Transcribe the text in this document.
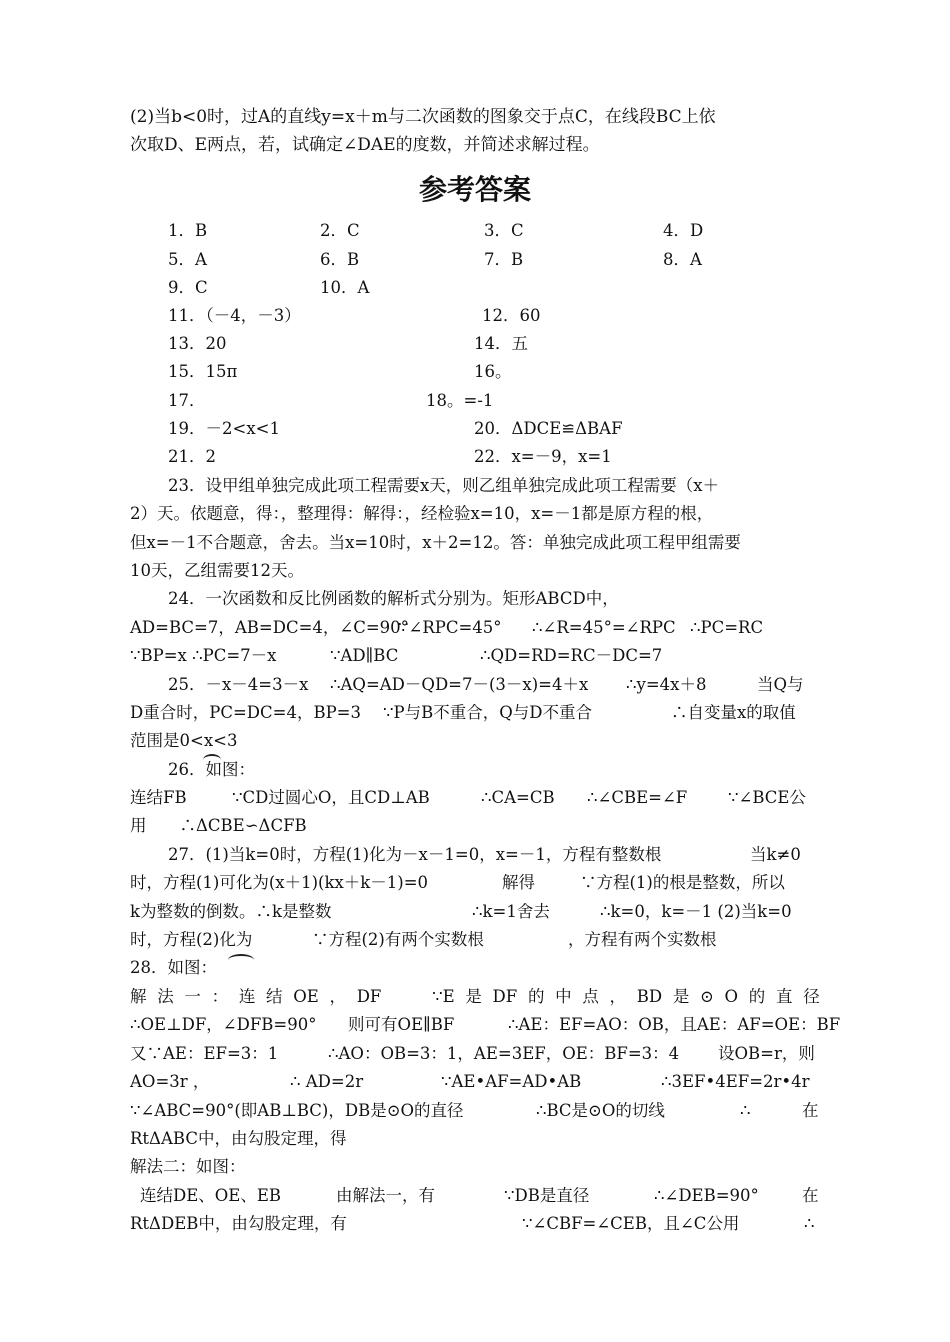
(2)当b<0时，过A的直线y=x＋m与二次函数的图象交于点C，在线段BC上依
次取D、E两点，若，试确定∠DAE的度数，并简述求解过程。
参考答案
1．B	2．C	3．C	4．D
5．A	6．B	7．B	8．A
9．C	10．A
11．（－4，－3）	12．60
13．20	14．五
15．15π	16。
17．	18。=-1
19．－2<x<1	20．ΔDCE≌ΔBAF
21．2	22．x=－9，x=1
23．设甲组单独完成此项工程需要x天，则乙组单独完成此项工程需要（x＋
2）天。依题意，得：，整理得：解得：，经检验x=10，x=－1都是原方程的根，
但x=－1不合题意，舍去。当x=10时，x＋2=12。答：单独完成此项工程甲组需要
10天，乙组需要12天。
24．一次函数和反比例函数的解析式分别为。矩形ABCD中，
AD=BC=7，AB=DC=4，∠C=90°
∵∠RPC=45° ∴∠R=45°=∠RPC ∴PC=RC
∵BP=x ∴PC=7－x	∵AD∥BC	∴QD=RD=RC－DC=7
25．－x－4=3－x ∴AQ=AD－QD=7－(3－x)=4＋x ∴y=4x＋8	当Q与
D重合时，PC=DC=4，BP=3 ∵P与B不重合，Q与D不重合	∴自变量x的取值
范围是0<x<3
26．如图：
连结FB	∵CD过圆心O，且CD⊥AB	∴CA=CB ∴∠CBE=∠F ∵∠BCE公
用　　∴ΔCBE∽ΔCFB
27．(1)当k=0时，方程(1)化为－x－1=0，x=－1，方程有整数根	当k≠0
时，方程(1)可化为(x＋1)(kx＋k－1)=0	解得	∵方程(1)的根是整数，所以
k为整数的倒数。∴k是整数	∴k=1舍去	∴k=0，k=－1 (2)当k=0
时，方程(2)化为	∵方程(2)有两个实数根	，方程有两个实数根
28．如图：
解 法 一 ： 连 结 OE ， DF	∵E 是 DF 的 中 点 ， BD 是 ⊙ O 的 直 径
∴OE⊥DF，∠DFB=90° 则可有OE∥BF	∴AE：EF=AO：OB，且AE：AF=OE：BF
又∵AE：EF=3：1	∴AO：OB=3：1，AE=3EF，OE：BF=3：4 设OB=r，则
AO=3r ，	∴ AD=2r	∵AE•AF=AD•AB	∴3EF•4EF=2r•4r
∵∠ABC=90°(即AB⊥BC)，DB是⊙O的直径	∴BC是⊙O的切线	∴	在
RtΔABC中，由勾股定理，得
解法二：如图：
连结DE、OE、EB	由解法一，有	∵DB是直径	∴∠DEB=90°	在
RtΔDEB中，由勾股定理，有	∵∠CBF=∠CEB，且∠C公用	∴
